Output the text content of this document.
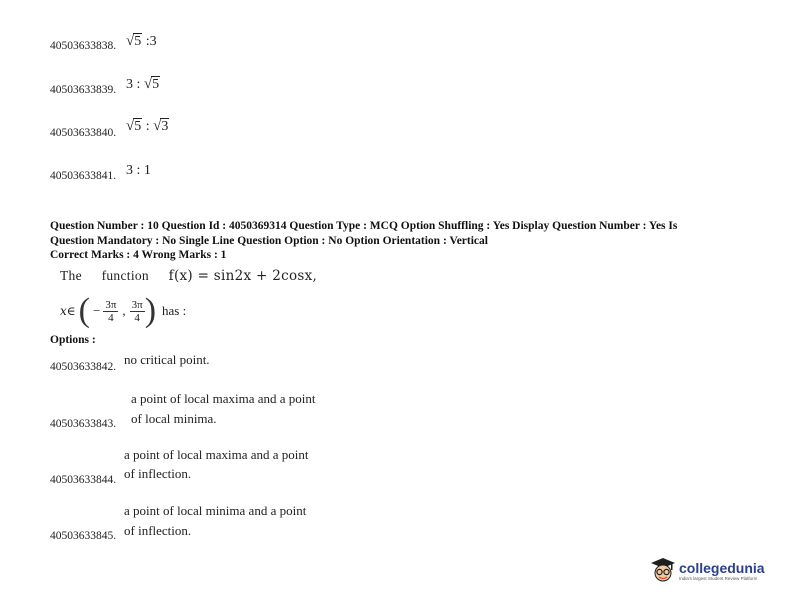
40503633838. √5 :3
40503633839. 3 : √5
40503633840. √5 : √3
40503633841. 3 : 1
Question Number : 10 Question Id : 4050369314 Question Type : MCQ Option Shuffling : Yes Display Question Number : Yes Is
Question Mandatory : No Single Line Question Option : No Option Orientation : Vertical
Correct Marks : 4 Wrong Marks : 1
The function f(x) = sin2x + 2cosx,
x∈ ( − $\frac{3\pi}{4}$ , $\frac{3\pi}{4}$ ) has :
Options :
40503633842. no critical point.
a point of local maxima and a point
40503633843. of local minima.
a point of local maxima and a point
40503633844. of inflection.
a point of local minima and a point
40503633845. of inflection.
collegedunia
India's largest Student Review Platform
